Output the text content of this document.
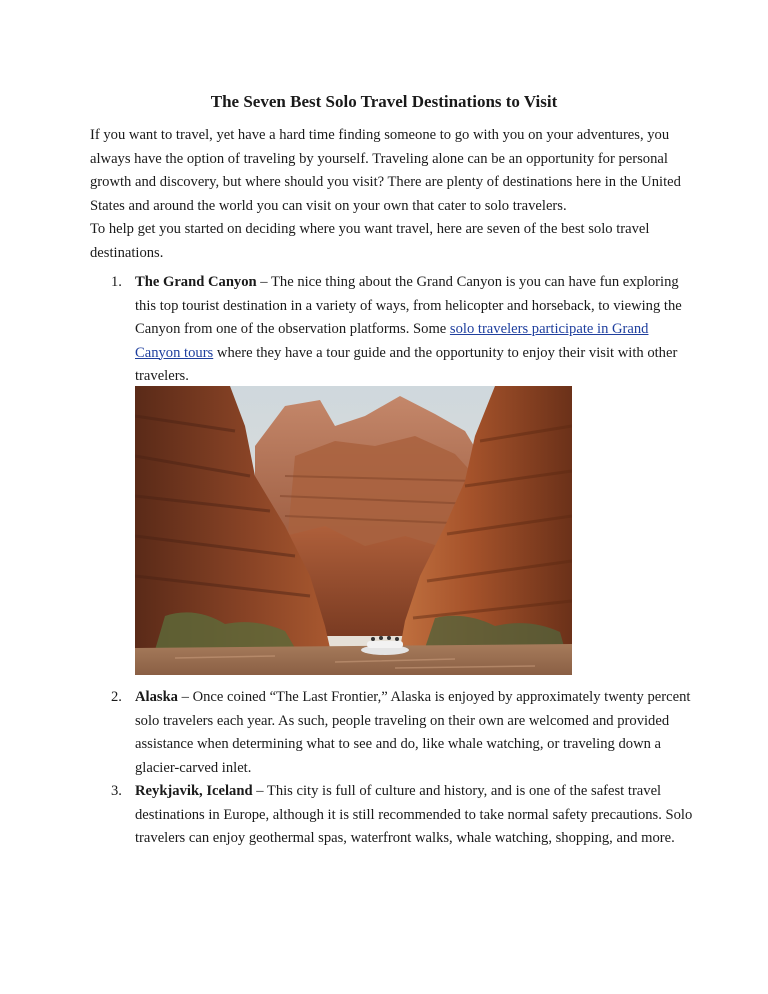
The Seven Best Solo Travel Destinations to Visit

If you want to travel, yet have a hard time finding someone to go with you on your adventures, you always have the option of traveling by yourself. Traveling alone can be an opportunity for personal growth and discovery, but where should you visit? There are plenty of destinations here in the United States and around the world you can visit on your own that cater to solo travelers.

To help get you started on deciding where you want travel, here are seven of the best solo travel destinations.

1. The Grand Canyon – The nice thing about the Grand Canyon is you can have fun exploring this top tourist destination in a variety of ways, from helicopter and horseback, to viewing the Canyon from one of the observation platforms. Some solo travelers participate in Grand Canyon tours where they have a tour guide and the opportunity to enjoy their visit with other travelers.

2. Alaska – Once coined “The Last Frontier,” Alaska is enjoyed by approximately twenty percent solo travelers each year. As such, people traveling on their own are welcomed and provided assistance when determining what to see and do, like whale watching, or traveling down a glacier-carved inlet.

3. Reykjavik, Iceland – This city is full of culture and history, and is one of the safest travel destinations in Europe, although it is still recommended to take normal safety precautions. Solo travelers can enjoy geothermal spas, waterfront walks, whale watching, shopping, and more.
